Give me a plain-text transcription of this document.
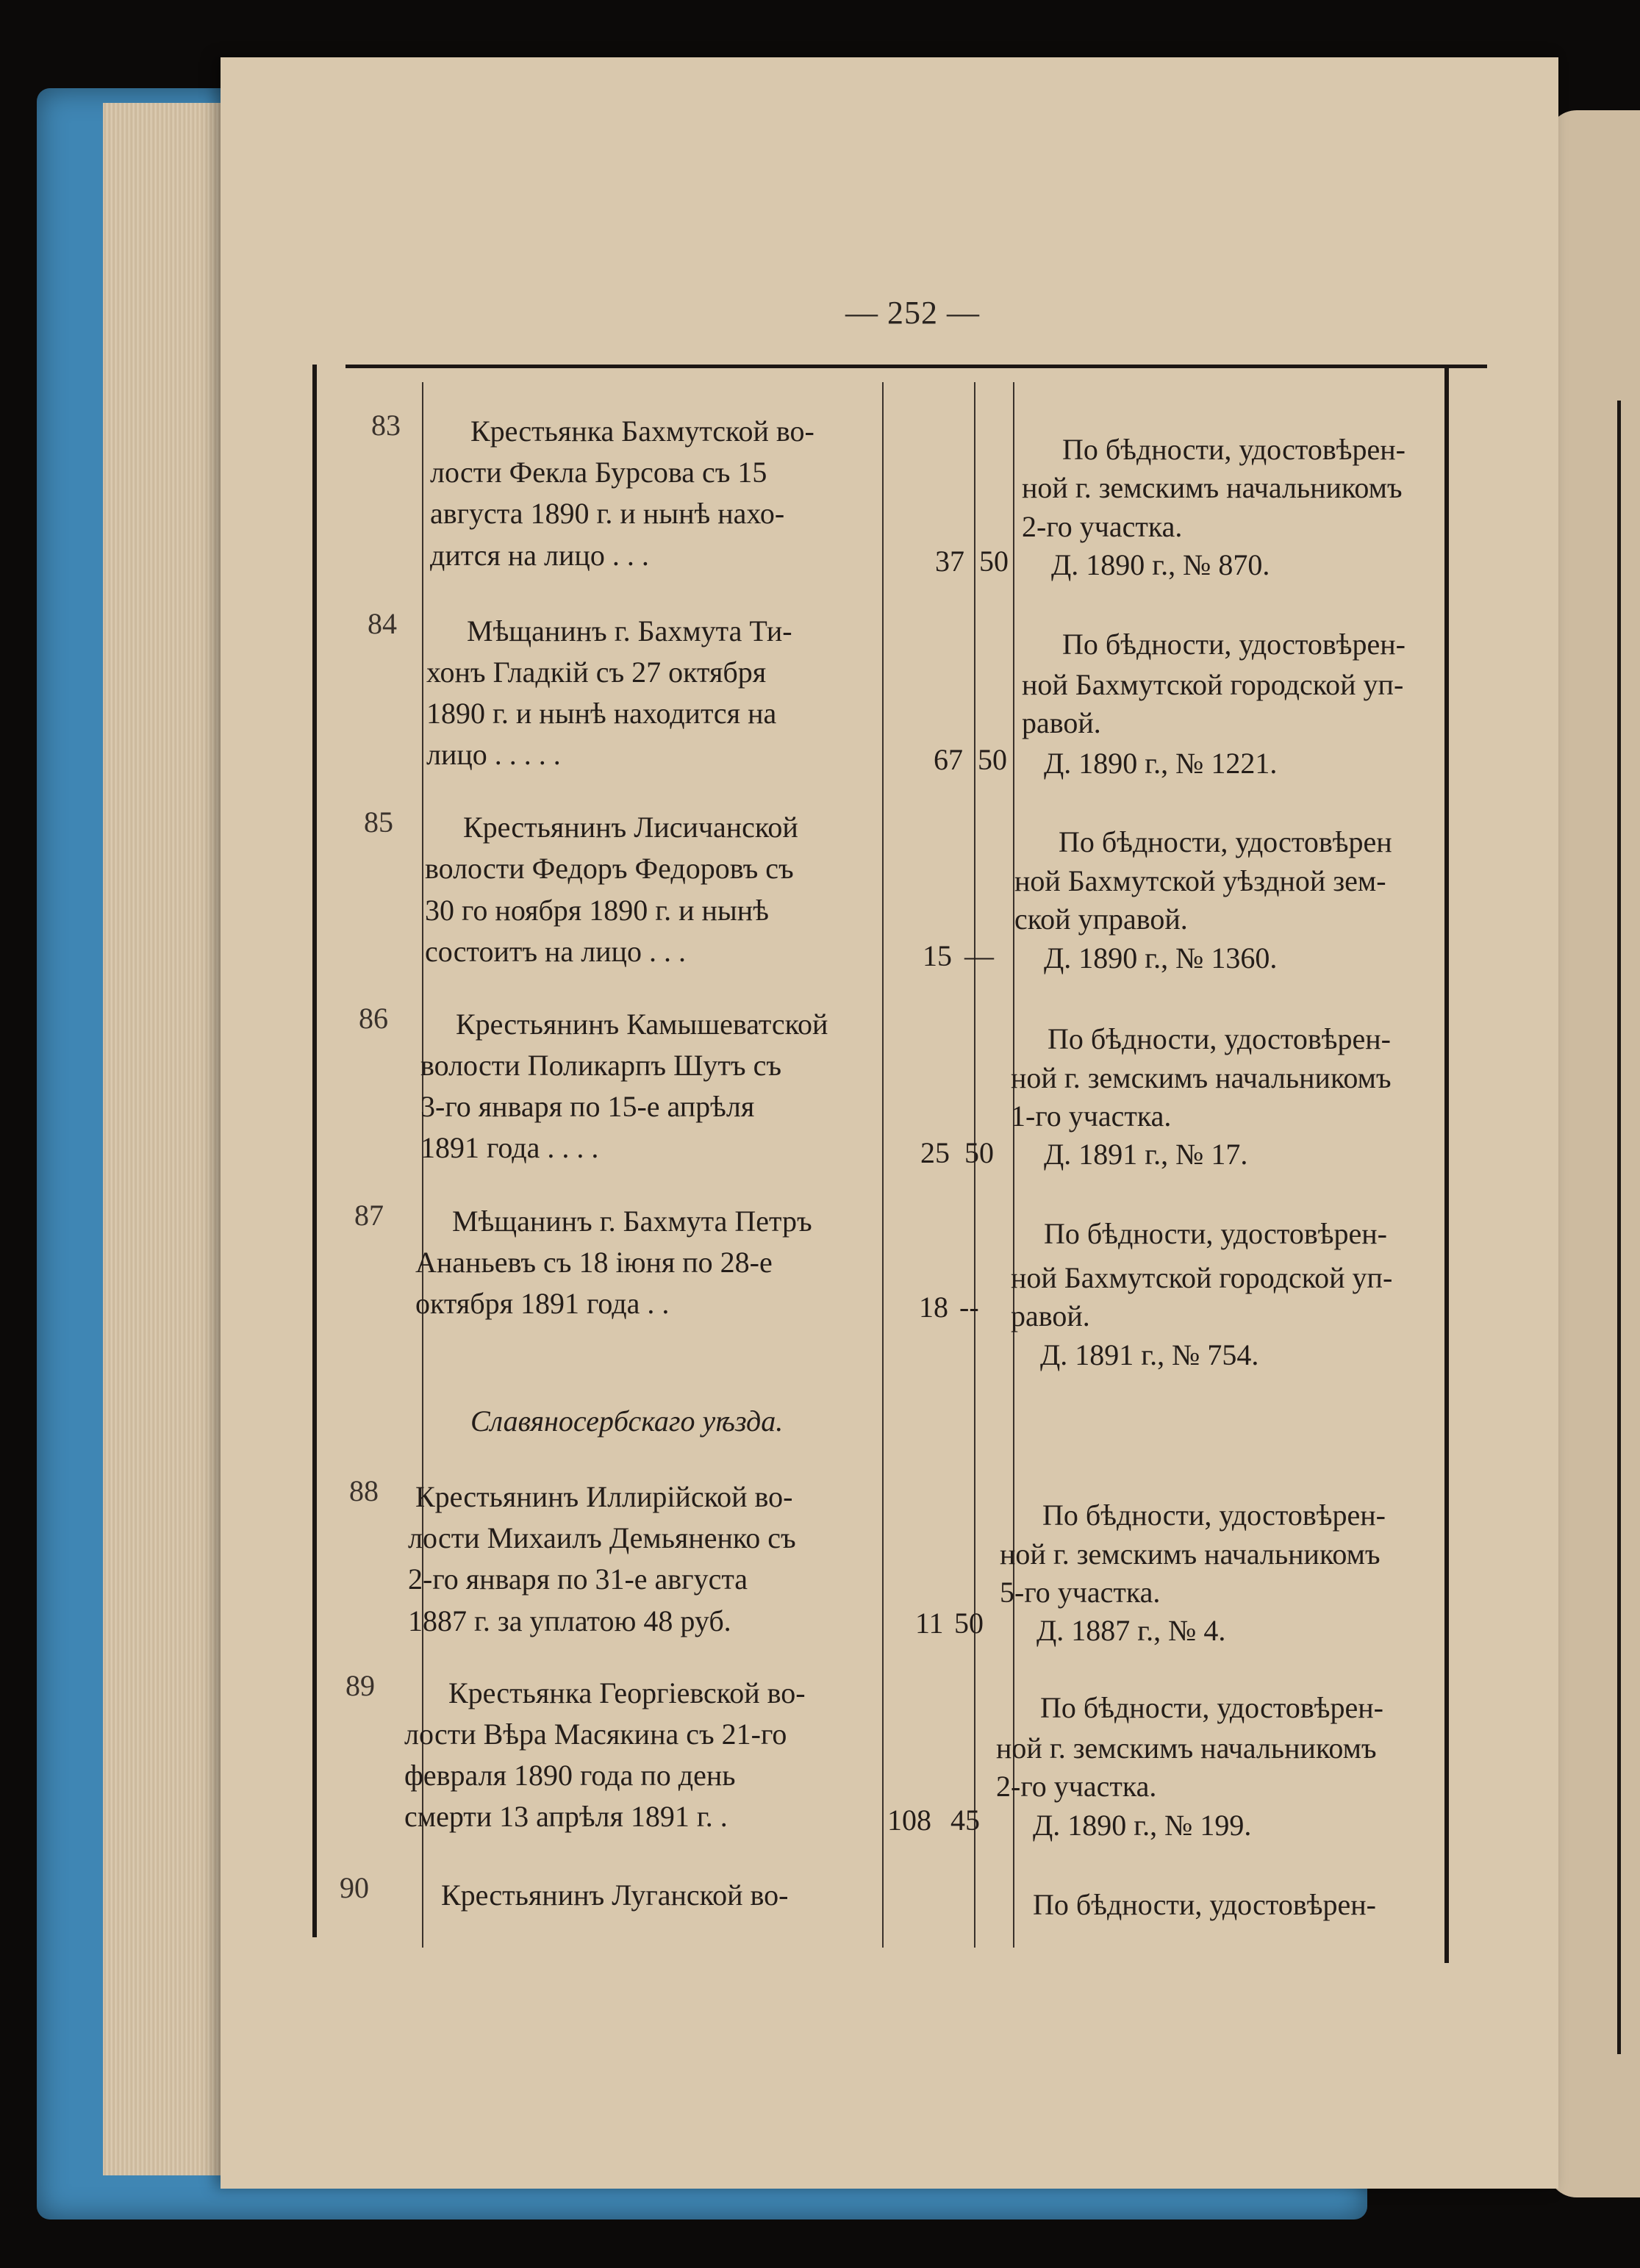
— 252 —
83 Крестьянка Бахмутской во-
лости Фекла Бурсова съ 15
августа 1890 г. и нынѣ нахо-
дится на лицо . . .	37 50
По бѣдности, удостовѣрен-
ной г. земскимъ начальникомъ
2-го участка.
Д. 1890 г., № 870.
84 Мѣщанинъ г. Бахмута Ти-
хонъ Гладкій съ 27 октября
1890 г. и нынѣ находится на
лицо . . . . .	67 50
По бѣдности, удостовѣрен-
ной Бахмутской городской уп-
равой.
Д. 1890 г., № 1221.
85 Крестьянинъ Лисичанской
волости Федоръ Федоровъ съ
30 го ноября 1890 г. и нынѣ
состоитъ на лицо . . .	15 —
По бѣдности, удостовѣрен
ной Бахмутской уѣздной зем-
ской управой.
Д. 1890 г., № 1360.
86 Крестьянинъ Камышеватской
волости Поликарпъ Шутъ съ
3-го января по 15-е апрѣля
1891 года . . . .	25 50
По бѣдности, удостовѣрен-
ной г. земскимъ начальникомъ
1-го участка.
Д. 1891 г., № 17.
87 Мѣщанинъ г. Бахмута Петръ
Ананьевъ съ 18 іюня по 28-е
октября 1891 года . .	18 --
По бѣдности, удостовѣрен-
ной Бахмутской городской уп-
равой.
Д. 1891 г., № 754.
Славяносербскаго уѣзда.
88 Крестьянинъ Иллирійской во-
лости Михаилъ Демьяненко съ
2-го января по 31-е августа
1887 г. за уплатою 48 руб.	11 50
По бѣдности, удостовѣрен-
ной г. земскимъ начальникомъ
5-го участка.
Д. 1887 г., № 4.
89	Крестьянка Георгіевской во-
лости Вѣра Масякина съ 21-го
февраля 1890 года по день
смерти 13 апрѣля 1891 г. .	108 45
По бѣдности, удостовѣрен-
ной г. земскимъ начальникомъ
2-го участка.
Д. 1890 г., № 199.
90 Крестьянинъ Луганской во-	По бѣдности, удостовѣрен-
